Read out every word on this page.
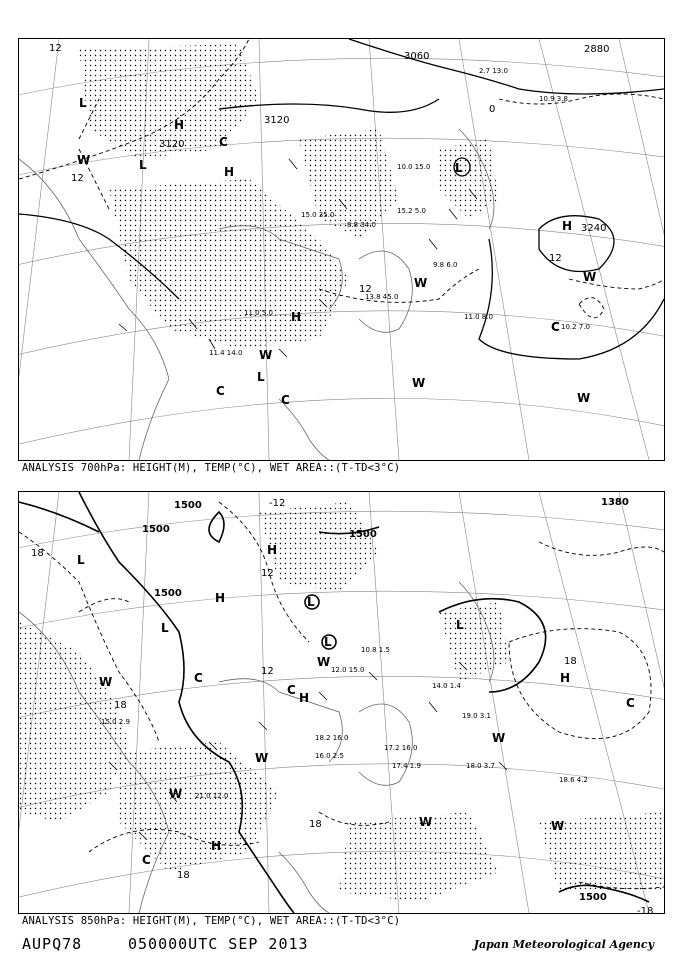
3060
2880
3120
3120
3240
12
0
12
12
12
H
H
H
H
L
L	L
L
W
W
W
W
W
W
C
C
C
C
2.7 13.0
10.9 3.8
11.0 8.0
10.2 7.0
13.8 45.0
9.8 6.0
11.4 14.0
11.0 5.0
8.8 34.0
15.0 35.0
10.0 15.0
15.2 5.0
ANALYSIS 700hPa: HEIGHT(M), TEMP(°C), WET AREA::(T-TD<3°C)
1500
1500
1500
1380
1500
1500
-12
18
12
18
12
18
18
18
-18
H
H
H
H
H
L
L
L
L
L
W
W
W
W
W
W
W
C
C
C
C
18.0 3.7
18.6 4.2
17.4 1.9
12.0 15.0
10.8 1.5
19.0 3.1
14.0 1.4
17.2 16.0
21.0 12.0
15.0 2.9
16.0 2.5
18.2 16.0
ANALYSIS 850hPa: HEIGHT(M), TEMP(°C), WET AREA::(T-TD<3°C)
AUPQ78	050000UTC SEP 2013	Japan Meteorological Agency
